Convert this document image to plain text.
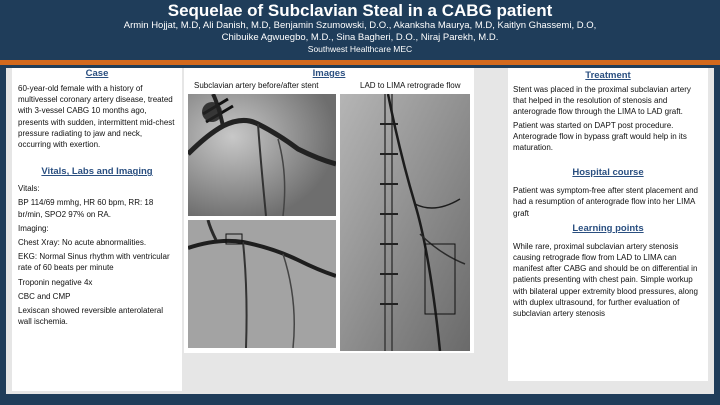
Sequelae of Subclavian Steal in a CABG patient
Armin Hojjat, M.D, Ali Danish, M.D, Benjamin Szumowski, D.O., Akanksha Maurya, M.D, Kaitlyn Ghassemi, D.O,
Chibuike Agwuegbo, M.D., Sina Bagheri, D.O., Niraj Parekh, M.D.
Southwest Healthcare MEC
Case
60-year-old female with a history of multivessel coronary artery disease, treated with 3-vessel CABG 10 months ago, presents with sudden, intermittent mid-chest pressure radiating to jaw and neck, occurring with exertion.
Vitals, Labs and Imaging
Vitals:
BP 114/69 mmhg, HR 60 bpm, RR: 18 br/min, SPO2 97% on RA.
Imaging:
Chest Xray: No acute abnormalities.
EKG: Normal Sinus rhythm with ventricular rate of 60 beats per minute
Troponin negative 4x
CBC and CMP
Lexiscan showed reversible anterolateral wall ischemia.
Images
Subclavian artery before/after stent	LAD to LIMA retrograde flow
Treatment
Stent was placed in the proximal subclavian artery that helped in the resolution of stenosis and anterograde flow through the LIMA to LAD graft.
Patient was started on DAPT post procedure. Anterograde flow in bypass graft would help in its maturation.
Hospital course
Patient was symptom-free after stent placement and had a resumption of anterograde flow into her LIMA graft
Learning points
While rare, proximal subclavian artery stenosis causing retrograde flow from LAD to LIMA can manifest after CABG and should be on differential in patients presenting with chest pain. Simple workup with bilateral upper extremity blood pressures, along with duplex ultrasound, for further evaluation of subclavian artery stenosis
